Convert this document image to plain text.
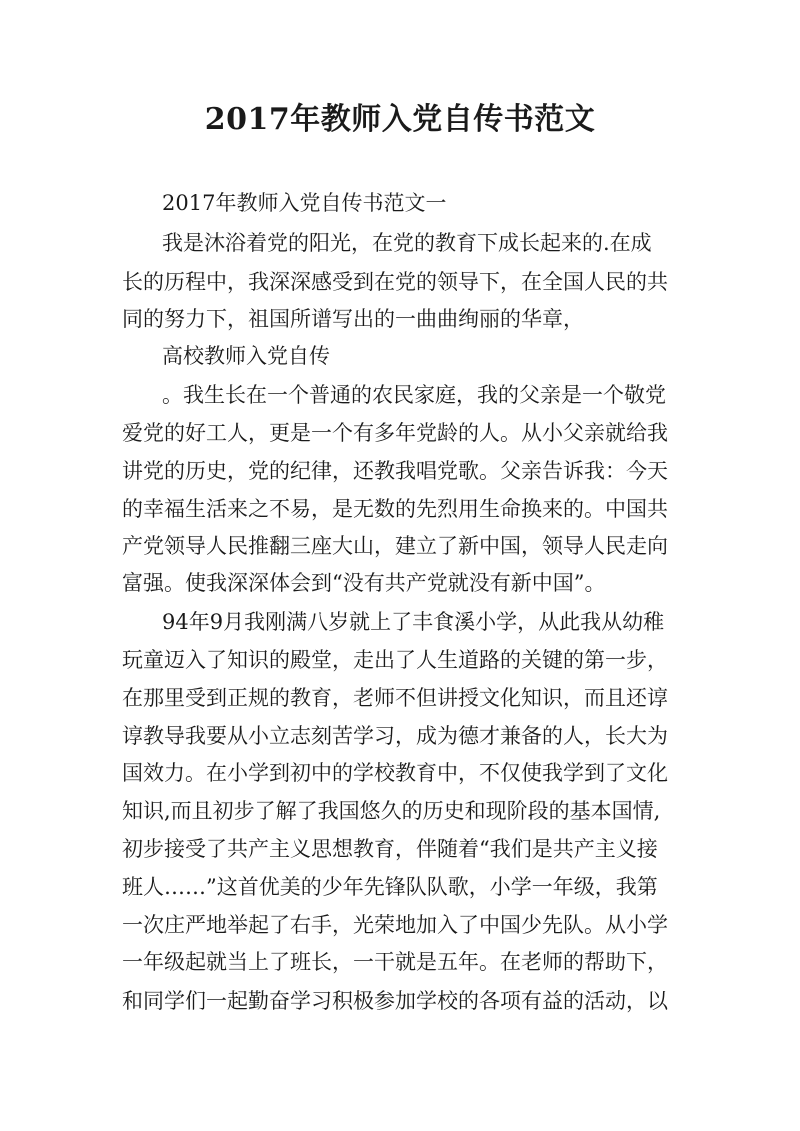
2017年教师入党自传书范文
2017年教师入党自传书范文一
我是沐浴着党的阳光，在党的教育下成长起来的.在成
长的历程中，我深深感受到在党的领导下，在全国人民的共
同的努力下，祖国所谱写出的一曲曲绚丽的华章，
高校教师入党自传
。我生长在一个普通的农民家庭，我的父亲是一个敬党
爱党的好工人，更是一个有多年党龄的人。从小父亲就给我
讲党的历史，党的纪律，还教我唱党歌。父亲告诉我：今天
的幸福生活来之不易，是无数的先烈用生命换来的。中国共
产党领导人民推翻三座大山，建立了新中国，领导人民走向
富强。使我深深体会到“没有共产党就没有新中国”。
94年9月我刚满八岁就上了丰食溪小学，从此我从幼稚
玩童迈入了知识的殿堂，走出了人生道路的关键的第一步，
在那里受到正规的教育，老师不但讲授文化知识，而且还谆
谆教导我要从小立志刻苦学习，成为德才兼备的人，长大为
国效力。在小学到初中的学校教育中，不仅使我学到了文化
知识,而且初步了解了我国悠久的历史和现阶段的基本国情,
初步接受了共产主义思想教育，伴随着“我们是共产主义接
班人……”这首优美的少年先锋队队歌，小学一年级，我第
一次庄严地举起了右手，光荣地加入了中国少先队。从小学
一年级起就当上了班长，一干就是五年。在老师的帮助下，
和同学们一起勤奋学习积极参加学校的各项有益的活动，以
